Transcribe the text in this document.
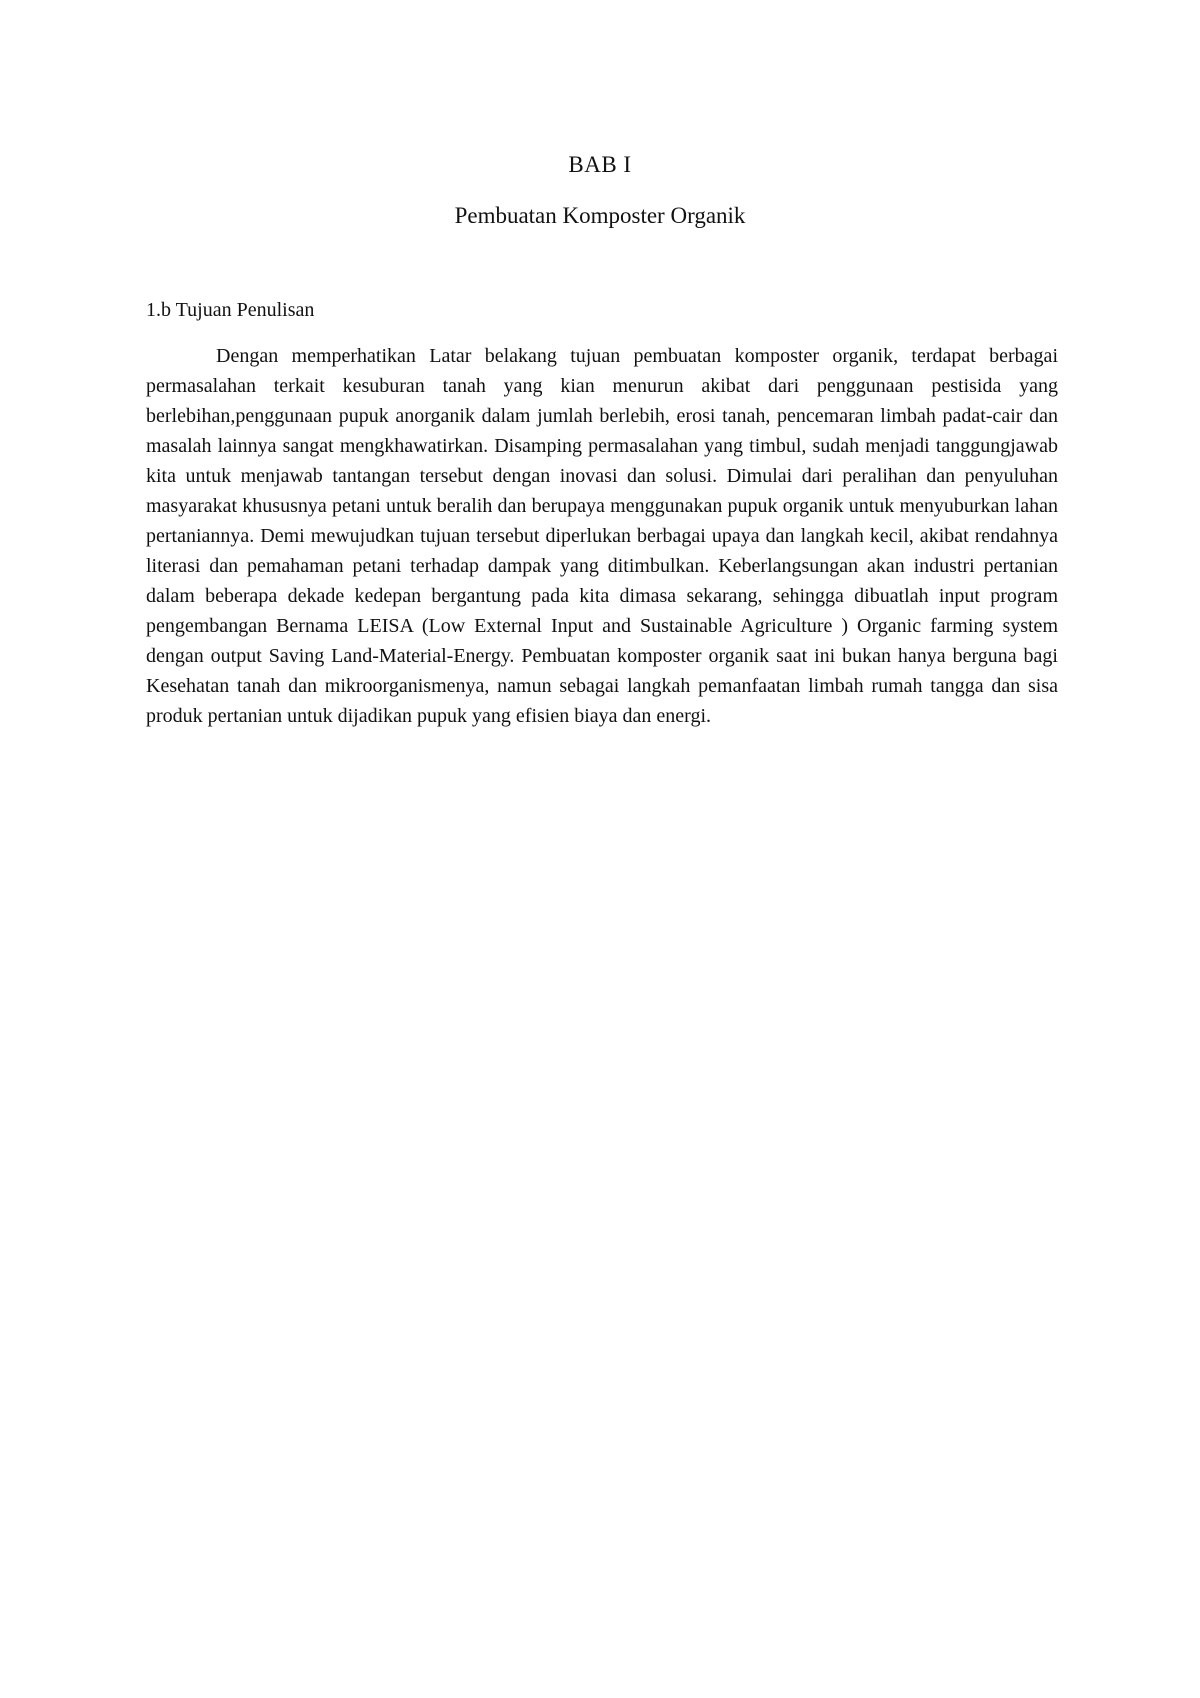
BAB I
Pembuatan Komposter Organik
1.b Tujuan Penulisan

Dengan memperhatikan Latar belakang tujuan pembuatan komposter organik, terdapat berbagai permasalahan terkait kesuburan tanah yang kian menurun akibat dari penggunaan pestisida yang berlebihan,penggunaan pupuk anorganik dalam jumlah berlebih, erosi tanah, pencemaran limbah padat-cair dan masalah lainnya sangat mengkhawatirkan. Disamping permasalahan yang timbul, sudah menjadi tanggungjawab kita untuk menjawab tantangan tersebut dengan inovasi dan solusi. Dimulai dari peralihan dan penyuluhan masyarakat khususnya petani untuk beralih dan berupaya menggunakan pupuk organik untuk menyuburkan lahan pertaniannya. Demi mewujudkan tujuan tersebut diperlukan berbagai upaya dan langkah kecil, akibat rendahnya literasi dan pemahaman petani terhadap dampak yang ditimbulkan. Keberlangsungan akan industri pertanian dalam beberapa dekade kedepan bergantung pada kita dimasa sekarang, sehingga dibuatlah input program pengembangan Bernama LEISA (Low External Input and Sustainable Agriculture ) Organic farming system dengan output Saving Land-Material-Energy. Pembuatan komposter organik saat ini bukan hanya berguna bagi Kesehatan tanah dan mikroorganismenya, namun sebagai langkah pemanfaatan limbah rumah tangga dan sisa produk pertanian untuk dijadikan pupuk yang efisien biaya dan energi.
